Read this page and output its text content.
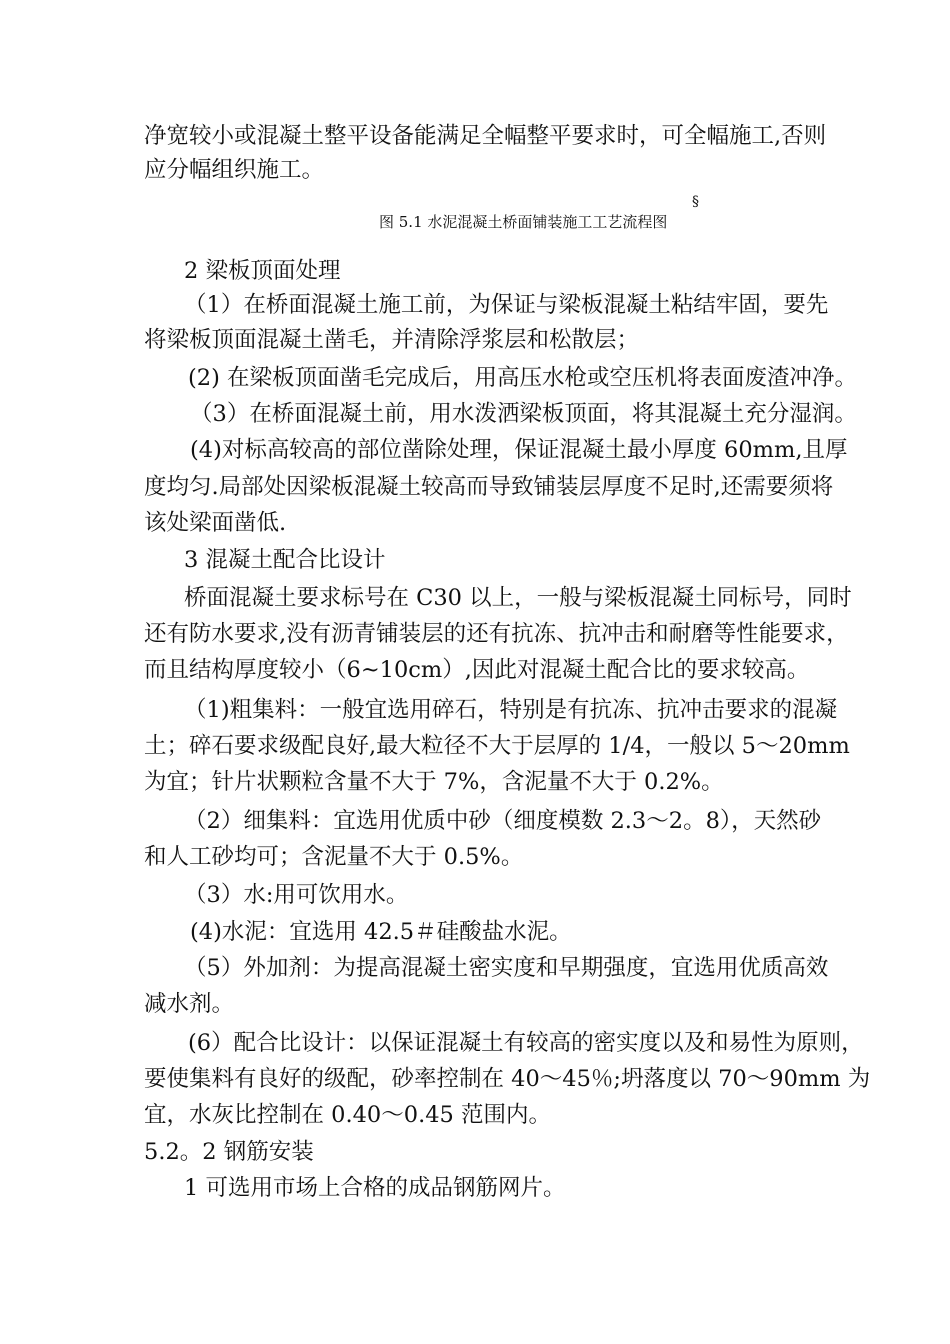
净宽较小或混凝土整平设备能满足全幅整平要求时，可全幅施工,否则
应分幅组织施工。
§
图 5.1 水泥混凝土桥面铺装施工工艺流程图
2 梁板顶面处理
（1）在桥面混凝土施工前，为保证与梁板混凝土粘结牢固，要先
将梁板顶面混凝土凿毛，并清除浮浆层和松散层；
(2) 在梁板顶面凿毛完成后，用高压水枪或空压机将表面废渣冲净。
（3）在桥面混凝土前，用水泼洒梁板顶面，将其混凝土充分湿润。
(4)对标高较高的部位凿除处理，保证混凝土最小厚度 60mm,且厚
度均匀.局部处因梁板混凝土较高而导致铺装层厚度不足时,还需要须将
该处梁面凿低.
3 混凝土配合比设计
桥面混凝土要求标号在 C30 以上，一般与梁板混凝土同标号，同时
还有防水要求,没有沥青铺装层的还有抗冻、抗冲击和耐磨等性能要求，
而且结构厚度较小（6~10cm）,因此对混凝土配合比的要求较高。
（1)粗集料：一般宜选用碎石，特别是有抗冻、抗冲击要求的混凝
土；碎石要求级配良好,最大粒径不大于层厚的 1/4，一般以 5～20mm
为宜；针片状颗粒含量不大于 7%，含泥量不大于 0.2%。
（2）细集料：宜选用优质中砂（细度模数 2.3～2。8），天然砂
和人工砂均可；含泥量不大于 0.5%。
（3）水:用可饮用水。
(4)水泥：宜选用 42.5＃硅酸盐水泥。
（5）外加剂：为提高混凝土密实度和早期强度，宜选用优质高效
减水剂。
(6）配合比设计：以保证混凝土有较高的密实度以及和易性为原则，
要使集料有良好的级配，砂率控制在 40～45％;坍落度以 70～90mm 为
宜，水灰比控制在 0.40～0.45 范围内。
5.2。2 钢筋安装
1 可选用市场上合格的成品钢筋网片。
